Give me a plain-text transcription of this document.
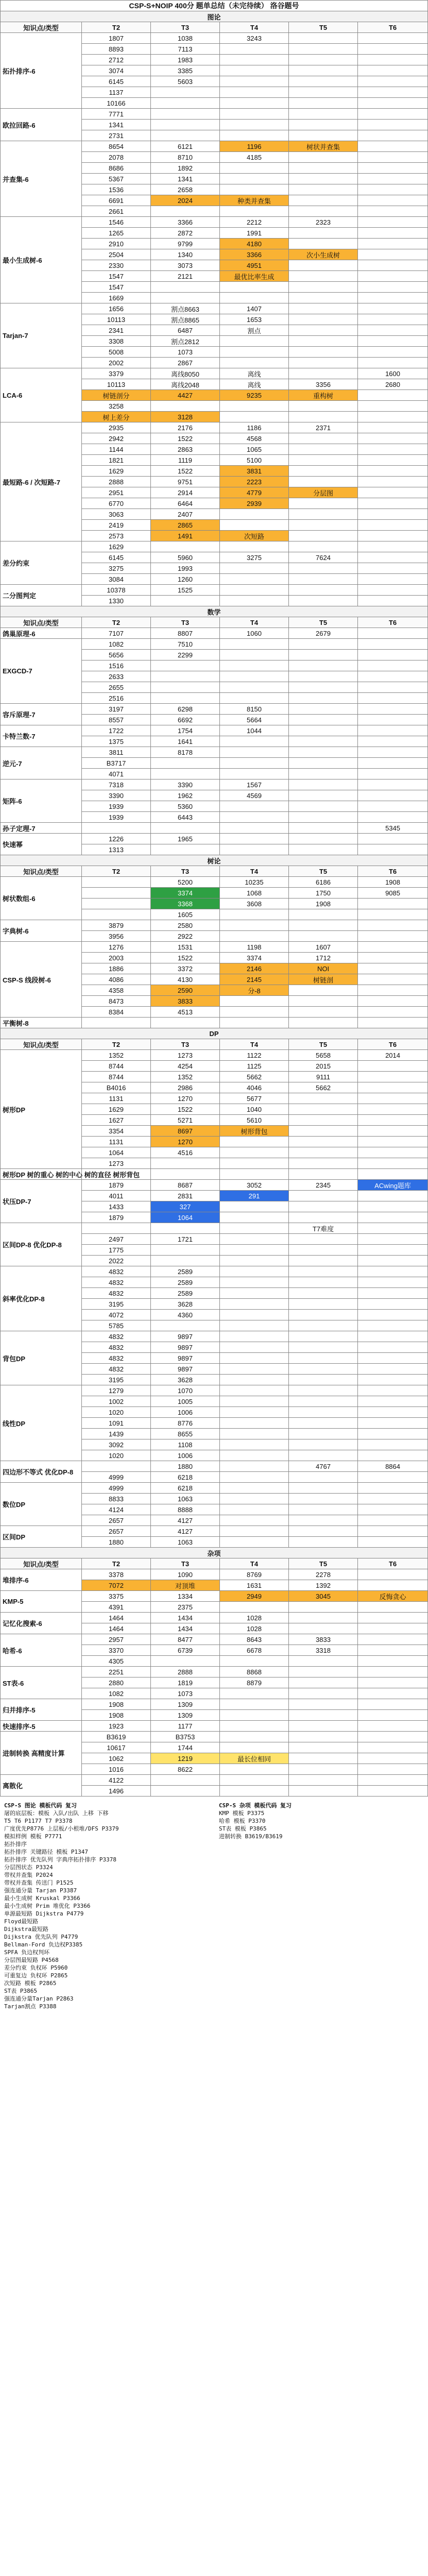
CSP-S+NOIP 400分 题单总结（未完待续） 洛谷题号					
图论					
知识点/类型	T2	T3	T4	T5	T6
拓扑排序-6	1807	1038	3243		
	8893	7113			
	2712	1983			
	3074	3385			
	6145	5603			
	1137				
	10166				
欧拉回路-6	7771				
	1341				
	2731				
并查集-6	8654	6121	1196	树状并查集	
	2078	8710	4185		
	8686	1892			
	5367	1341			
	1536	2658			
	6691	2024	种类并查集		
	2661				
最小生成树-6	1546	3366	2212	2323	
	1265	2872	1991		
	2910	9799	4180		
	2504	1340	3366	次小生成树	
	2330	3073	4951		
	1547	2121	最优比率生成		
	1547				
	1669				
Tarjan-7	1656	割点8663	1407		
	10113	割点8865	1653		
	2341	6487	割点		
	3308	割点2812			
	5008	1073			
	2002	2867			
LCA-6	3379	离线8050	离线		1600
	10113	离线2048	离线	3356	2680
	树链剖分	4427	9235	重构树	
	3258				
	树上差分	3128			
最短路-6 / 次短路-7	2935	2176	1186	2371	
	2942	1522	4568		
	1144	2863	1065		
	1821	1119	5100		
	1629	1522	3831		
	2888	9751	2223		
	2951	2914	4779	分层图	
	6770	6464	2939		
	3063	2407			
	2419	2865			
	2573	1491	次短路		
差分约束	1629				
	6145	5960	3275	7624	
	3275	1993			
	3084	1260			
二分图判定	10378	1525			
	1330				
数学					
知识点/类型	T2	T3	T4	T5	T6
鸽巢原理-6	7107	8807	1060	2679	
EXGCD-7	1082	7510			
	5656	2299			
	1516				
	2633				
	2655				
	2516				
容斥原理-7	3197	6298	8150		
	8557	6692	5664		
卡特兰数-7	1722	1754	1044		
	1375	1641			
逆元-7	3811	8178			
	B3717				
	4071				
矩阵-6	7318	3390	1567		
	3390	1962	4569		
	1939	5360			
	1939	6443			
孙子定理-7					5345
快速幂	1226	1965			
	1313				
树论					
知识点/类型	T2	T3	T4	T5	T6
树状数组-6		5200	10235	6186	1908
		3374	1068	1750	9085
		3368	3608	1908	
		1605			
字典树-6	3879	2580			
	3956	2922			
CSP-S 线段树-6	1276	1531	1198	1607	
	2003	1522	3374	1712	
	1886	3372	2146	NOI	
	4086	4130	2145	树链剖	
	4358	2590	分-8		
	8473	3833			
	8384	4513			
平衡树-8					
DP					
知识点/类型	T2	T3	T4	T5	T6
树形DP	1352	1273	1122	5658	2014
	8744	4254	1125	2015	
	8744	1352	5662	9111	
	B4016	2986	4046	5662	
	1131	1270	5677		
	1629	1522	1040		
	1627	5271	5610		
	3354	8697	树形背包		
	1131	1270			
	1064	4516			
	1273				
树形DP 树的重心 树的中心 树的直径 树形背包					
状压DP-7	1879	8687	3052	2345	ACwing题库
	4011	2831	291		
	1433	327			
	1879	1064			
区间DP-8 优化DP-8				T7难度	
	2497	1721			
	1775				
	2022				
斜率优化DP-8	4832	2589			
	4832	2589			
	4832	2589			
	3195	3628			
	4072	4360			
	5785				
背包DP	4832	9897			
	4832	9897			
	4832	9897			
	4832	9897			
	3195	3628			
线性DP	1279	1070			
	1002	1005			
	1020	1006			
	1091	8776			
	1439	8655			
	3092	1108			
	1020	1006			
四边形不等式 优化DP-8		1880		4767	8864
	4999	6218			
数位DP	4999	6218			
	8833	1063			
	4124	8888			
	2657	4127			
区间DP	2657	4127			
	1880	1063			
杂项					
知识点/类型	T2	T3	T4	T5	T6
堆排序-6	3378	1090	8769	2278	
	7072	对顶堆	1631	1392	
KMP-5	3375	1334	2949	3045	反悔贪心
	4391	2375			
记忆化搜索-6	1464	1434	1028		
	1464	1434	1028		
哈希-6	2957	8477	8643	3833	
	3370	6739	6678	3318	
	4305				
ST表-6	2251	2888	8868		
	2880	1819	8879		
	1082	1073			
归并排序-5	1908	1309			
	1908	1309			
快速排序-5	1923	1177			
进制转换 高精度计算	B3619	B3753			
	10617	1744			
	1062	1219	最长位相同		
	1016	8622			
离散化	4122				
	1496				
CSP-S 图论 模板代码 复习
屠的底层板：模板 入队/出队 上移 下移
T5 T6 P1177 T7 P3378
广度优先P8776 上层板/小根堆/DFS P3379
模拟样例 模板 P7771
拓扑排序
拓扑排序 关键路径 模板 P1347
拓扑排序 优先队列 字典序拓扑排序 P3378
分层图状态 P3324
带权并查集 P2024
带权并查集 传送门 P1525
强连通分量 Tarjan P3387
最小生成树 Kruskal P3366
最小生成树 Prim 堆优化 P3366
单源最短路 Dijkstra P4779
Floyd最短路
Dijkstra最短路
Dijkstra 优先队列 P4779
Bellman-Ford 负边权P3385
SPFA 负边权判环
分层图最短路 P4568
差分约束 负权环 P5960
可重复边 负权环 P2865
次短路 模板 P2865
ST表 P3865
强连通分量Tarjan P2863
Tarjan割点 P3388
CSP-S 杂项 模板代码 复习
KMP 模板 P3375
哈希 模板 P3370
ST表 模板 P3865
进制转换 B3619/B3619
